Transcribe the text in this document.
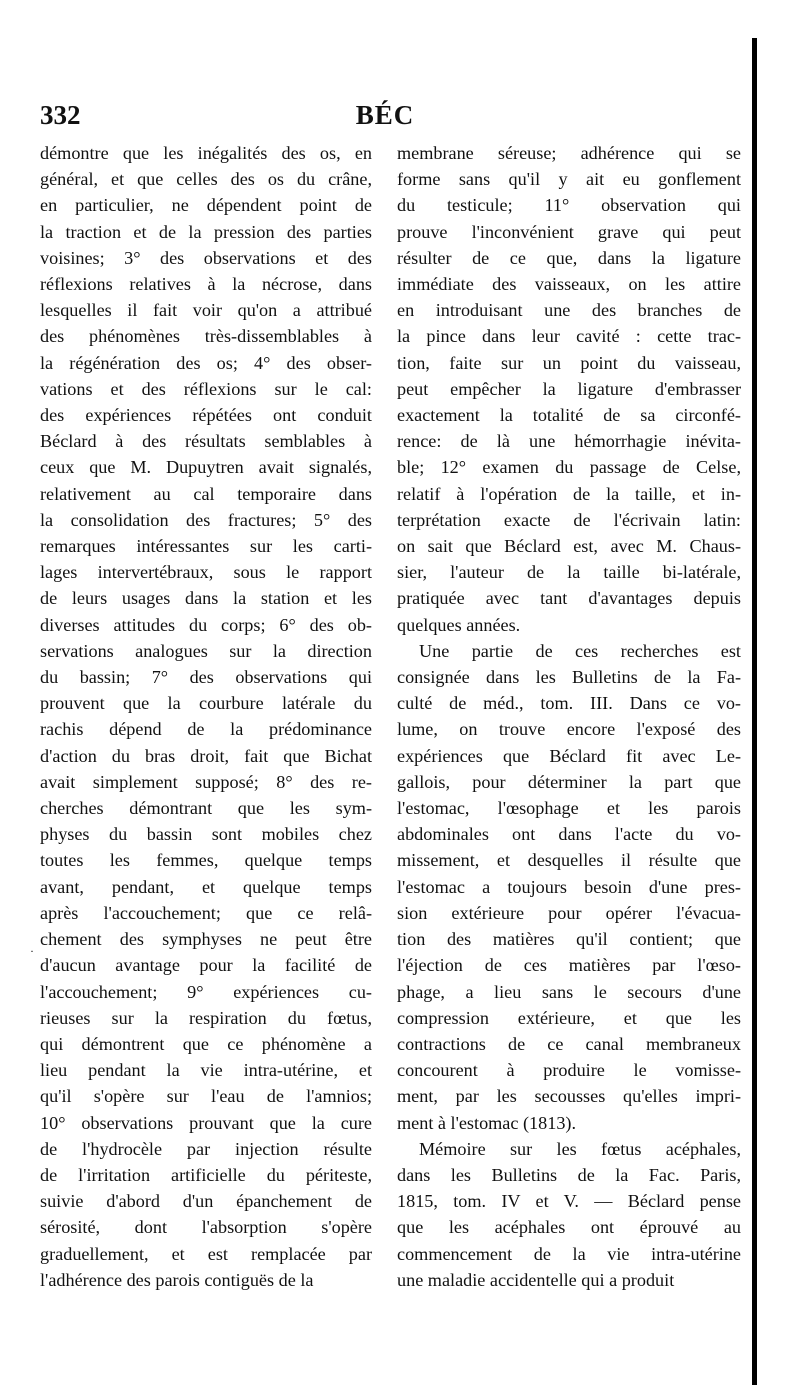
332	BÉC
·
démontre que les inégalités des os, en
général, et que celles des os du crâne,
en particulier, ne dépendent point de
la traction et de la pression des parties
voisines; 3° des observations et des
réflexions relatives à la nécrose, dans
lesquelles il fait voir qu'on a attribué
des phénomènes très-dissemblables à
la régénération des os; 4° des obser-
vations et des réflexions sur le cal:
des expériences répétées ont conduit
Béclard à des résultats semblables à
ceux que M. Dupuytren avait signalés,
relativement au cal temporaire dans
la consolidation des fractures; 5° des
remarques intéressantes sur les carti-
lages intervertébraux, sous le rapport
de leurs usages dans la station et les
diverses attitudes du corps; 6° des ob-
servations analogues sur la direction
du bassin; 7° des observations qui
prouvent que la courbure latérale du
rachis dépend de la prédominance
d'action du bras droit, fait que Bichat
avait simplement supposé; 8° des re-
cherches démontrant que les sym-
physes du bassin sont mobiles chez
toutes les femmes, quelque temps
avant, pendant, et quelque temps
après l'accouchement; que ce relâ-
chement des symphyses ne peut être
d'aucun avantage pour la facilité de
l'accouchement; 9° expériences cu-
rieuses sur la respiration du fœtus,
qui démontrent que ce phénomène a
lieu pendant la vie intra-utérine, et
qu'il s'opère sur l'eau de l'amnios;
10° observations prouvant que la cure
de l'hydrocèle par injection résulte
de l'irritation artificielle du périteste,
suivie d'abord d'un épanchement de
sérosité, dont l'absorption s'opère
graduellement, et est remplacée par
l'adhérence des parois contiguës de la
membrane séreuse; adhérence qui se
forme sans qu'il y ait eu gonflement
du testicule; 11° observation qui
prouve l'inconvénient grave qui peut
résulter de ce que, dans la ligature
immédiate des vaisseaux, on les attire
en introduisant une des branches de
la pince dans leur cavité : cette trac-
tion, faite sur un point du vaisseau,
peut empêcher la ligature d'embrasser
exactement la totalité de sa circonfé-
rence: de là une hémorrhagie inévita-
ble; 12° examen du passage de Celse,
relatif à l'opération de la taille, et in-
terprétation exacte de l'écrivain latin:
on sait que Béclard est, avec M. Chaus-
sier, l'auteur de la taille bi-latérale,
pratiquée avec tant d'avantages depuis
quelques années.
Une partie de ces recherches est
consignée dans les Bulletins de la Fa-
culté de méd., tom. III. Dans ce vo-
lume, on trouve encore l'exposé des
expériences que Béclard fit avec Le-
gallois, pour déterminer la part que
l'estomac, l'œsophage et les parois
abdominales ont dans l'acte du vo-
missement, et desquelles il résulte que
l'estomac a toujours besoin d'une pres-
sion extérieure pour opérer l'évacua-
tion des matières qu'il contient; que
l'éjection de ces matières par l'œso-
phage, a lieu sans le secours d'une
compression extérieure, et que les
contractions de ce canal membraneux
concourent à produire le vomisse-
ment, par les secousses qu'elles impri-
ment à l'estomac (1813).
Mémoire sur les fœtus acéphales,
dans les Bulletins de la Fac. Paris,
1815, tom. IV et V. — Béclard pense
que les acéphales ont éprouvé au
commencement de la vie intra-utérine
une maladie accidentelle qui a produit
